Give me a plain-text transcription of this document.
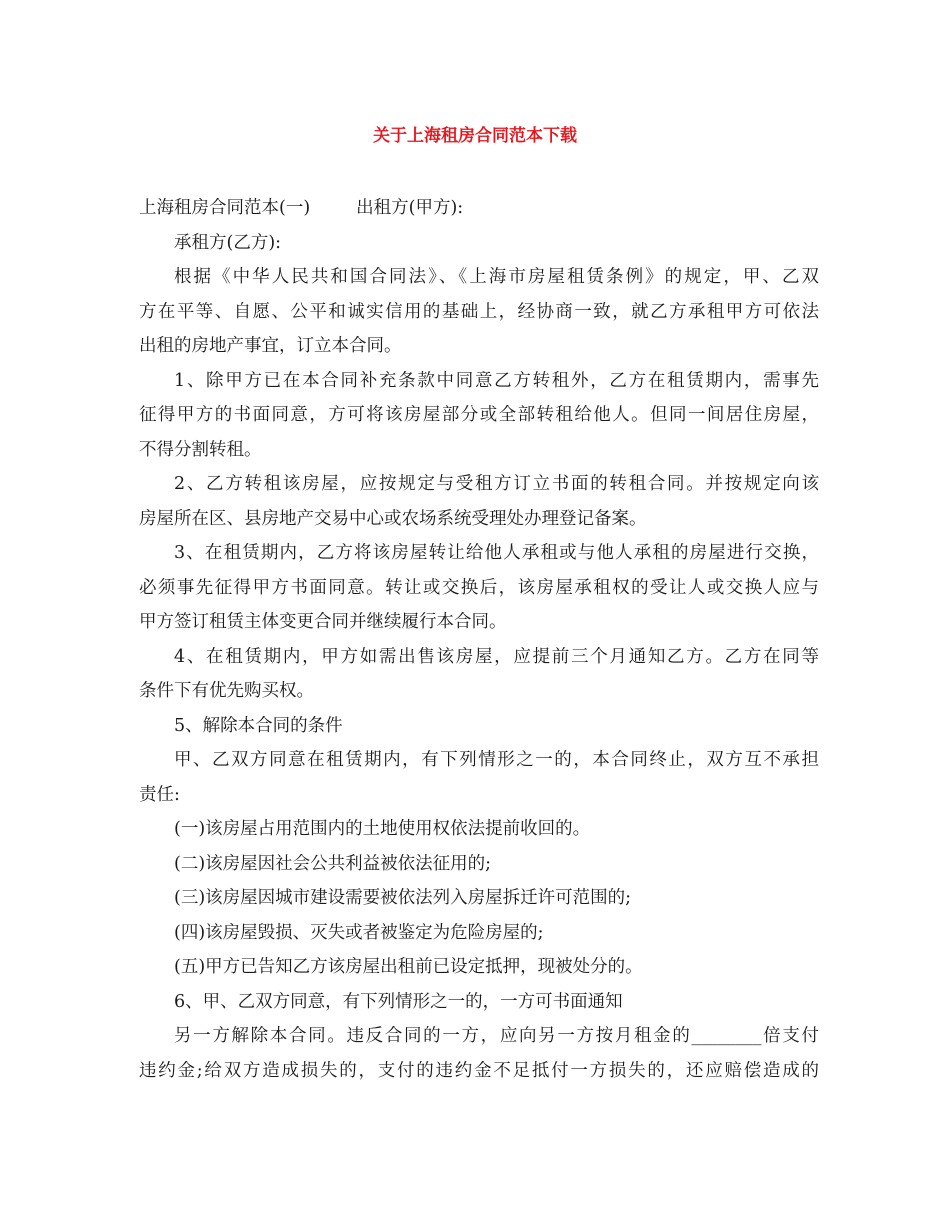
关于上海租房合同范本下载
上海租房合同范本(一)	出租方(甲方):
承租方(乙方):
根据《中华人民共和国合同法》、《上海市房屋租赁条例》的规定，甲、乙双
方在平等、自愿、公平和诚实信用的基础上，经协商一致，就乙方承租甲方可依法
出租的房地产事宜，订立本合同。
1、除甲方已在本合同补充条款中同意乙方转租外，乙方在租赁期内，需事先
征得甲方的书面同意，方可将该房屋部分或全部转租给他人。但同一间居住房屋，
不得分割转租。
2、乙方转租该房屋，应按规定与受租方订立书面的转租合同。并按规定向该
房屋所在区、县房地产交易中心或农场系统受理处办理登记备案。
3、在租赁期内，乙方将该房屋转让给他人承租或与他人承租的房屋进行交换，
必须事先征得甲方书面同意。转让或交换后，该房屋承租权的受让人或交换人应与
甲方签订租赁主体变更合同并继续履行本合同。
4、在租赁期内，甲方如需出售该房屋，应提前三个月通知乙方。乙方在同等
条件下有优先购买权。
5、解除本合同的条件
甲、乙双方同意在租赁期内，有下列情形之一的，本合同终止，双方互不承担
责任:
(一)该房屋占用范围内的土地使用权依法提前收回的。
(二)该房屋因社会公共利益被依法征用的;
(三)该房屋因城市建设需要被依法列入房屋拆迁许可范围的;
(四)该房屋毁损、灭失或者被鉴定为危险房屋的;
(五)甲方已告知乙方该房屋出租前已设定抵押，现被处分的。
6、甲、乙双方同意，有下列情形之一的，一方可书面通知
另一方解除本合同。违反合同的一方，应向另一方按月租金的________倍支付
违约金;给双方造成损失的，支付的违约金不足抵付一方损失的，还应赔偿造成的
